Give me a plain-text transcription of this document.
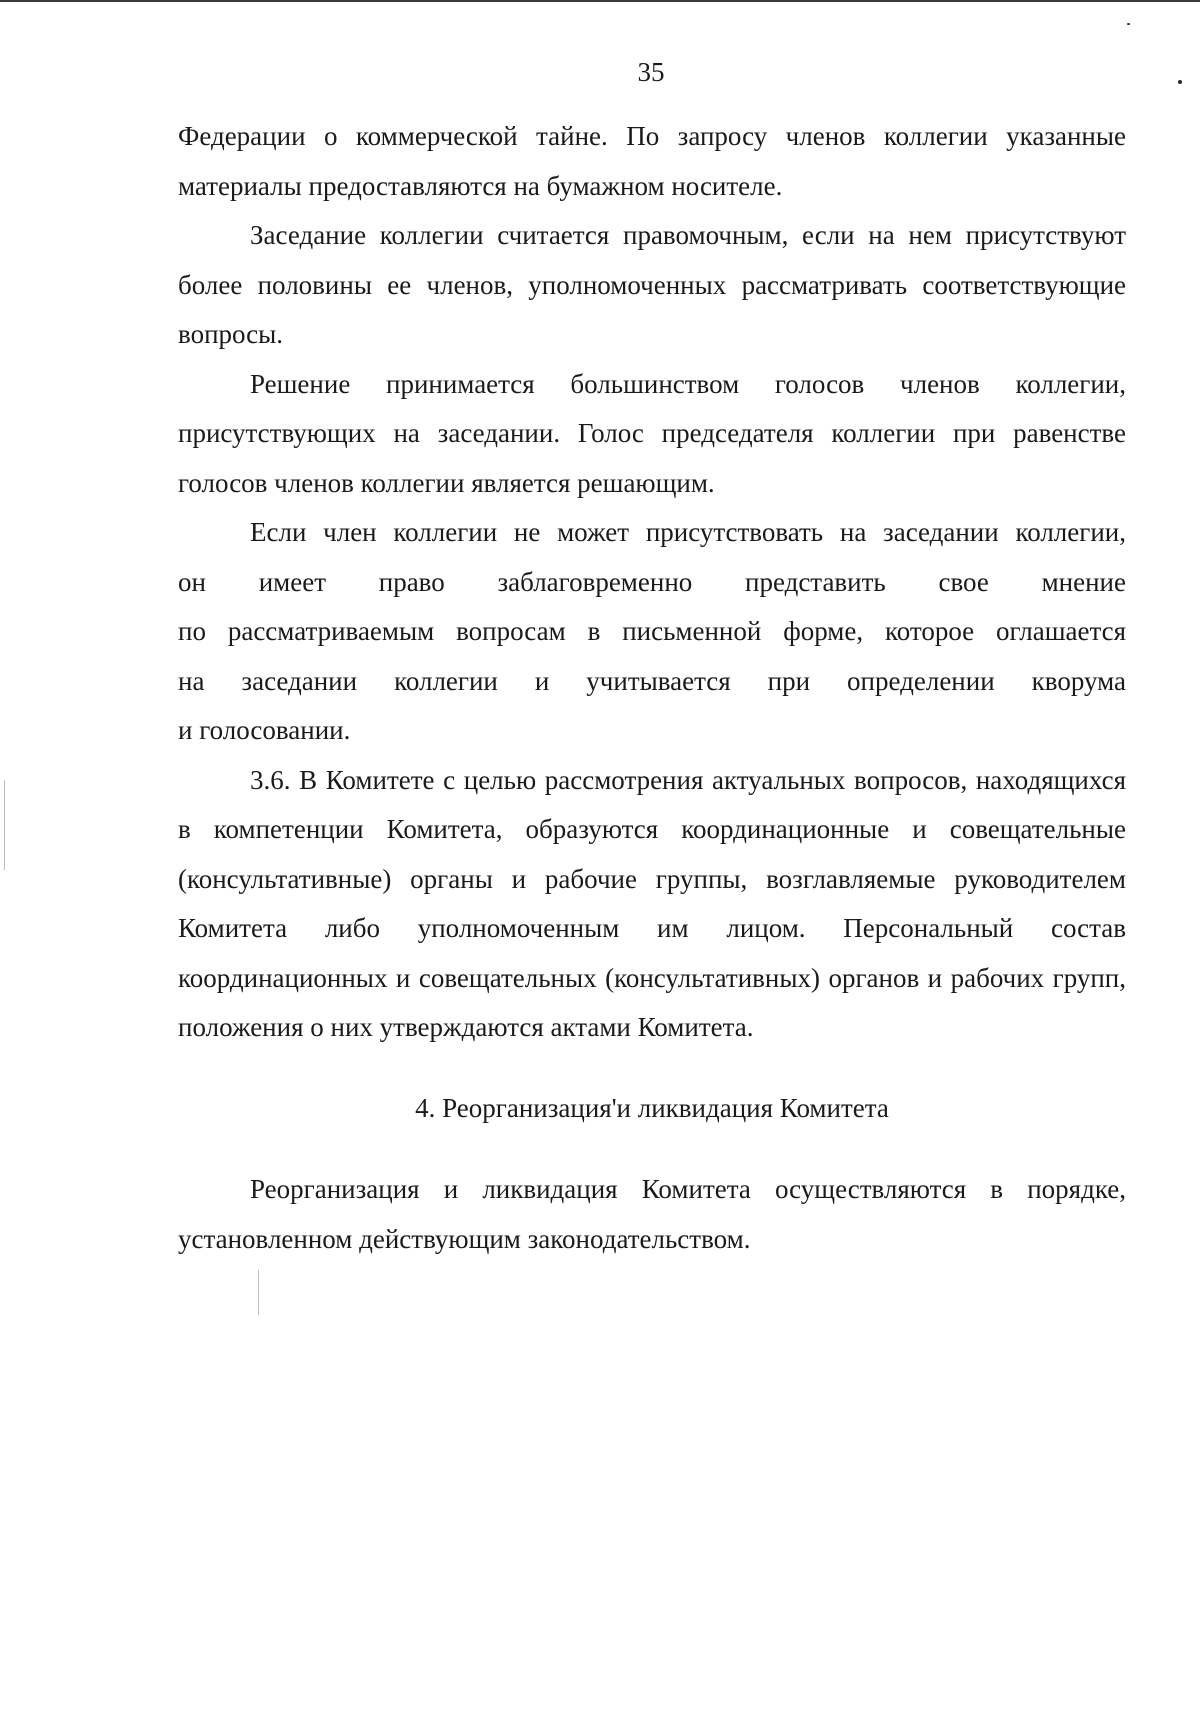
35

Федерации о коммерческой тайне. По запросу членов коллегии указанные

материалы предоставляются на бумажном носителе.

Заседание коллегии считается правомочным, если на нем присутствуют более половины ее членов, уполномоченных рассматривать соответствующие вопросы.

Решение принимается большинством голосов членов коллегии, присутствующих на заседании. Голос председателя коллегии при равенстве голосов членов коллегии является решающим.

Если член коллегии не может присутствовать на заседании коллегии,

он имеет право заблаговременно представить свое мнение

по рассматриваемым вопросам в письменной форме, которое оглашается

на заседании коллегии и учитывается при определении кворума

и голосовании.

3.6. В Комитете с целью рассмотрения актуальных вопросов, находящихся в компетенции Комитета, образуются координационные и совещательные (консультативные) органы и рабочие группы, возглавляемые руководителем Комитета либо уполномоченным им лицом. Персональный состав координационных и совещательных (консультативных) органов и рабочих групп, положения о них утверждаются актами Комитета.

4. Реорганизация'и ликвидация Комитета

Реорганизация и ликвидация Комитета осуществляются в порядке, установленном действующим законодательством.
